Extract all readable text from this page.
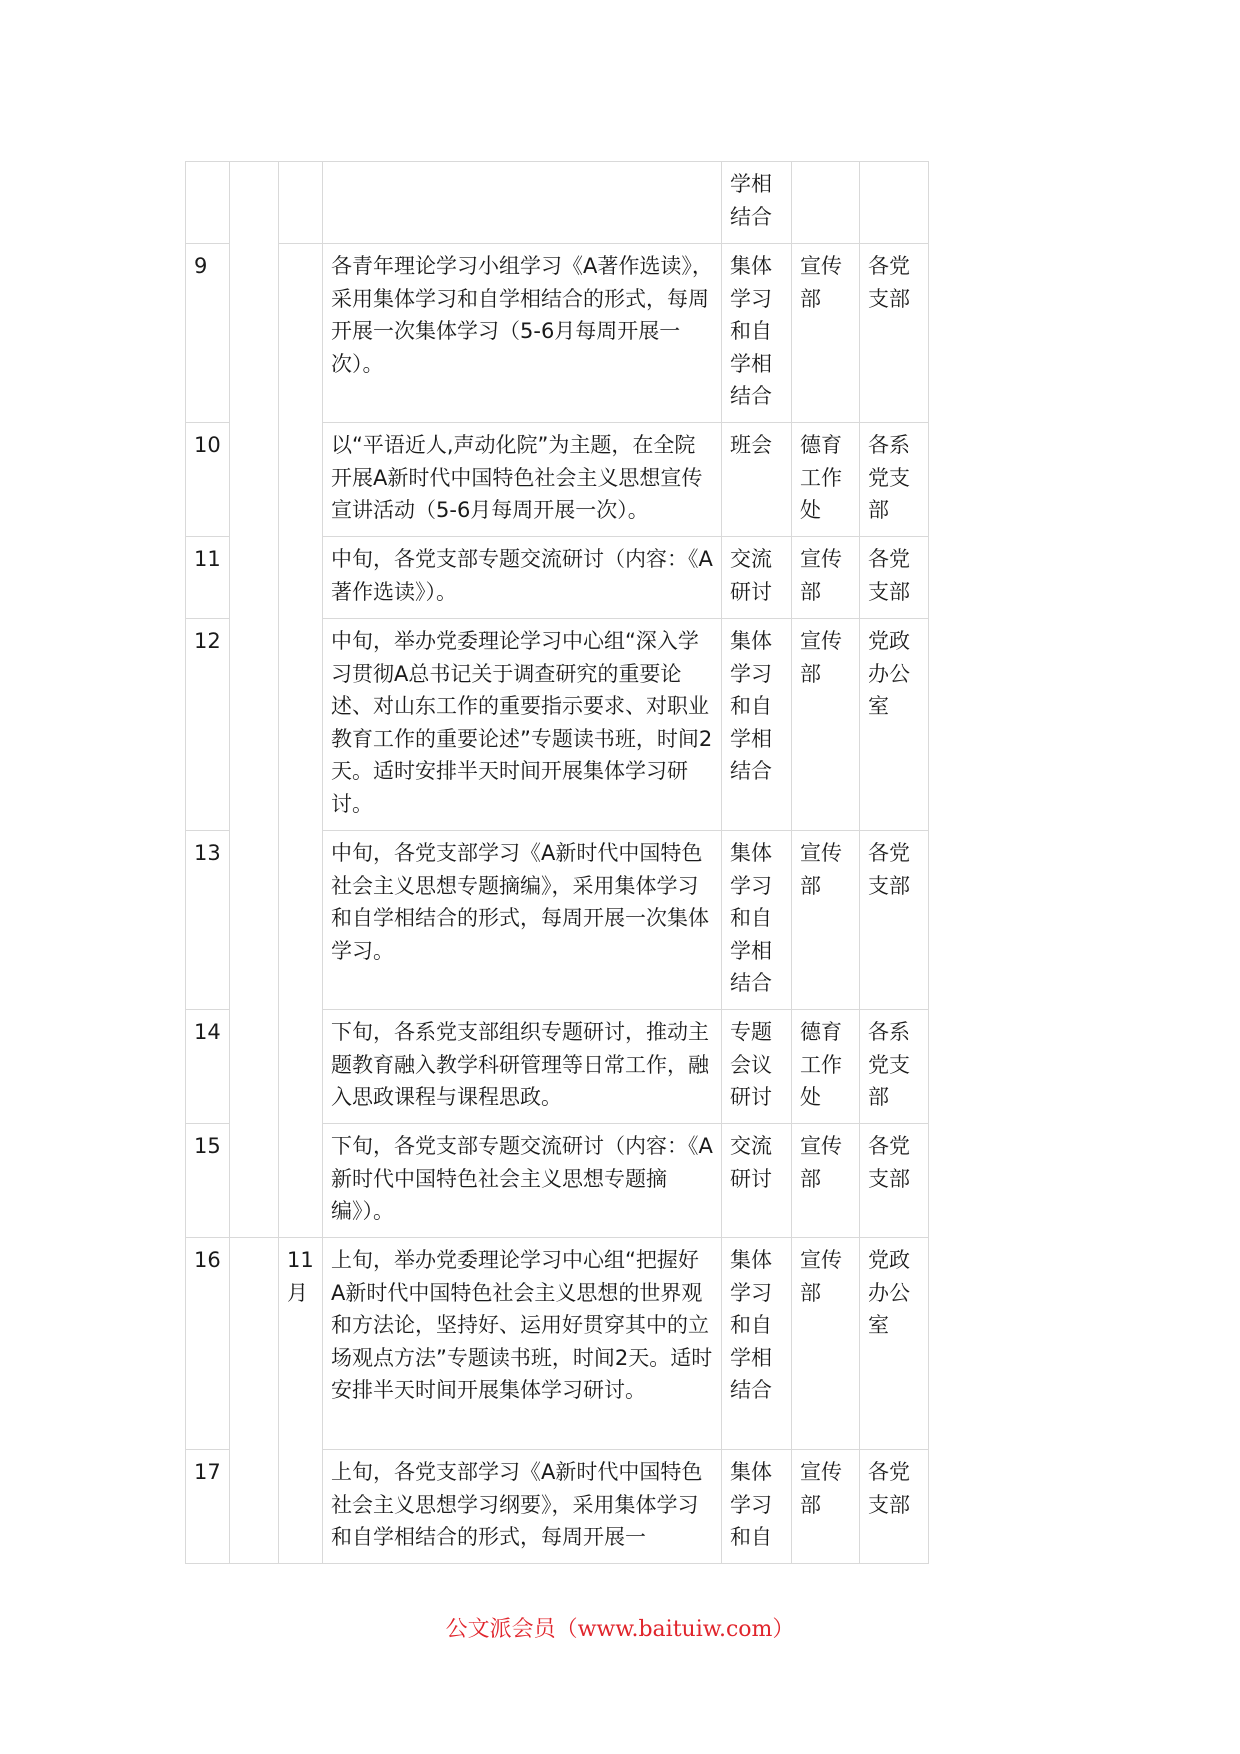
				学相结合		
9			各青年理论学习小组学习《A著作选读》，采用集体学习和自学相结合的形式，每周开展一次集体学习（5-6月每周开展一次）。	集体学习和自学相结合	宣传部	各党支部
10			以“平语近人,声动化院”为主题，在全院开展A新时代中国特色社会主义思想宣传宣讲活动（5-6月每周开展一次）。	班会	德育工作处	各系党支部
11			中旬，各党支部专题交流研讨（内容：《A著作选读》）。	交流研讨	宣传部	各党支部
12			中旬，举办党委理论学习中心组“深入学习贯彻A总书记关于调查研究的重要论述、对山东工作的重要指示要求、对职业教育工作的重要论述”专题读书班，时间2天。适时安排半天时间开展集体学习研讨。	集体学习和自学相结合	宣传部	党政办公室
13			中旬，各党支部学习《A新时代中国特色社会主义思想专题摘编》，采用集体学习和自学相结合的形式，每周开展一次集体学习。	集体学习和自学相结合	宣传部	各党支部
14			下旬，各系党支部组织专题研讨，推动主题教育融入教学科研管理等日常工作，融入思政课程与课程思政。	专题会议研讨	德育工作处	各系党支部
15			下旬，各党支部专题交流研讨（内容：《A新时代中国特色社会主义思想专题摘编》）。	交流研讨	宣传部	各党支部
16		11月	上旬，举办党委理论学习中心组“把握好A新时代中国特色社会主义思想的世界观和方法论，坚持好、运用好贯穿其中的立场观点方法”专题读书班，时间2天。适时安排半天时间开展集体学习研讨。	集体学习和自学相结合	宣传部	党政办公室
17			上旬，各党支部学习《A新时代中国特色社会主义思想学习纲要》，采用集体学习和自学相结合的形式，每周开展一	集体学习和自	宣传部	各党支部
公文派会员（www.baituiw.com）
